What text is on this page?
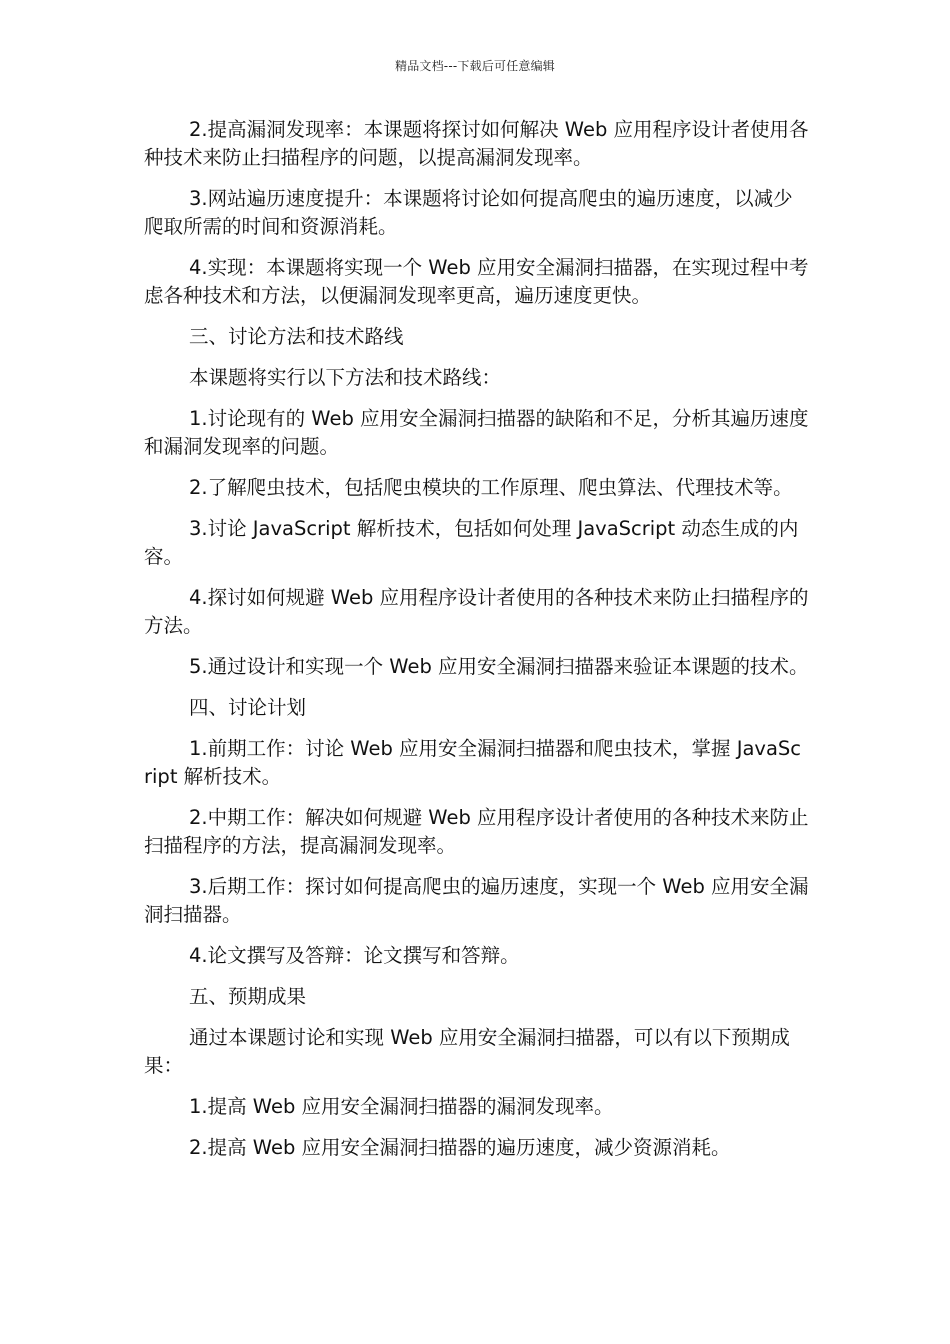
精品文档---下载后可任意编辑

2.提高漏洞发现率：本课题将探讨如何解决 Web 应用程序设计者使用各种技术来防止扫描程序的问题，以提高漏洞发现率。

3.网站遍历速度提升：本课题将讨论如何提高爬虫的遍历速度，以减少爬取所需的时间和资源消耗。

4.实现：本课题将实现一个 Web 应用安全漏洞扫描器，在实现过程中考虑各种技术和方法，以便漏洞发现率更高，遍历速度更快。

三、讨论方法和技术路线

本课题将实行以下方法和技术路线：

1.讨论现有的 Web 应用安全漏洞扫描器的缺陷和不足，分析其遍历速度和漏洞发现率的问题。

2.了解爬虫技术，包括爬虫模块的工作原理、爬虫算法、代理技术等。

3.讨论 JavaScript 解析技术，包括如何处理 JavaScript 动态生成的内容。

4.探讨如何规避 Web 应用程序设计者使用的各种技术来防止扫描程序的方法。

5.通过设计和实现一个 Web 应用安全漏洞扫描器来验证本课题的技术。

四、讨论计划

1.前期工作：讨论 Web 应用安全漏洞扫描器和爬虫技术，掌握 JavaScript 解析技术。

2.中期工作：解决如何规避 Web 应用程序设计者使用的各种技术来防止扫描程序的方法，提高漏洞发现率。

3.后期工作：探讨如何提高爬虫的遍历速度，实现一个 Web 应用安全漏洞扫描器。

4.论文撰写及答辩：论文撰写和答辩。

五、预期成果

通过本课题讨论和实现 Web 应用安全漏洞扫描器，可以有以下预期成果：

1.提高 Web 应用安全漏洞扫描器的漏洞发现率。

2.提高 Web 应用安全漏洞扫描器的遍历速度，减少资源消耗。
